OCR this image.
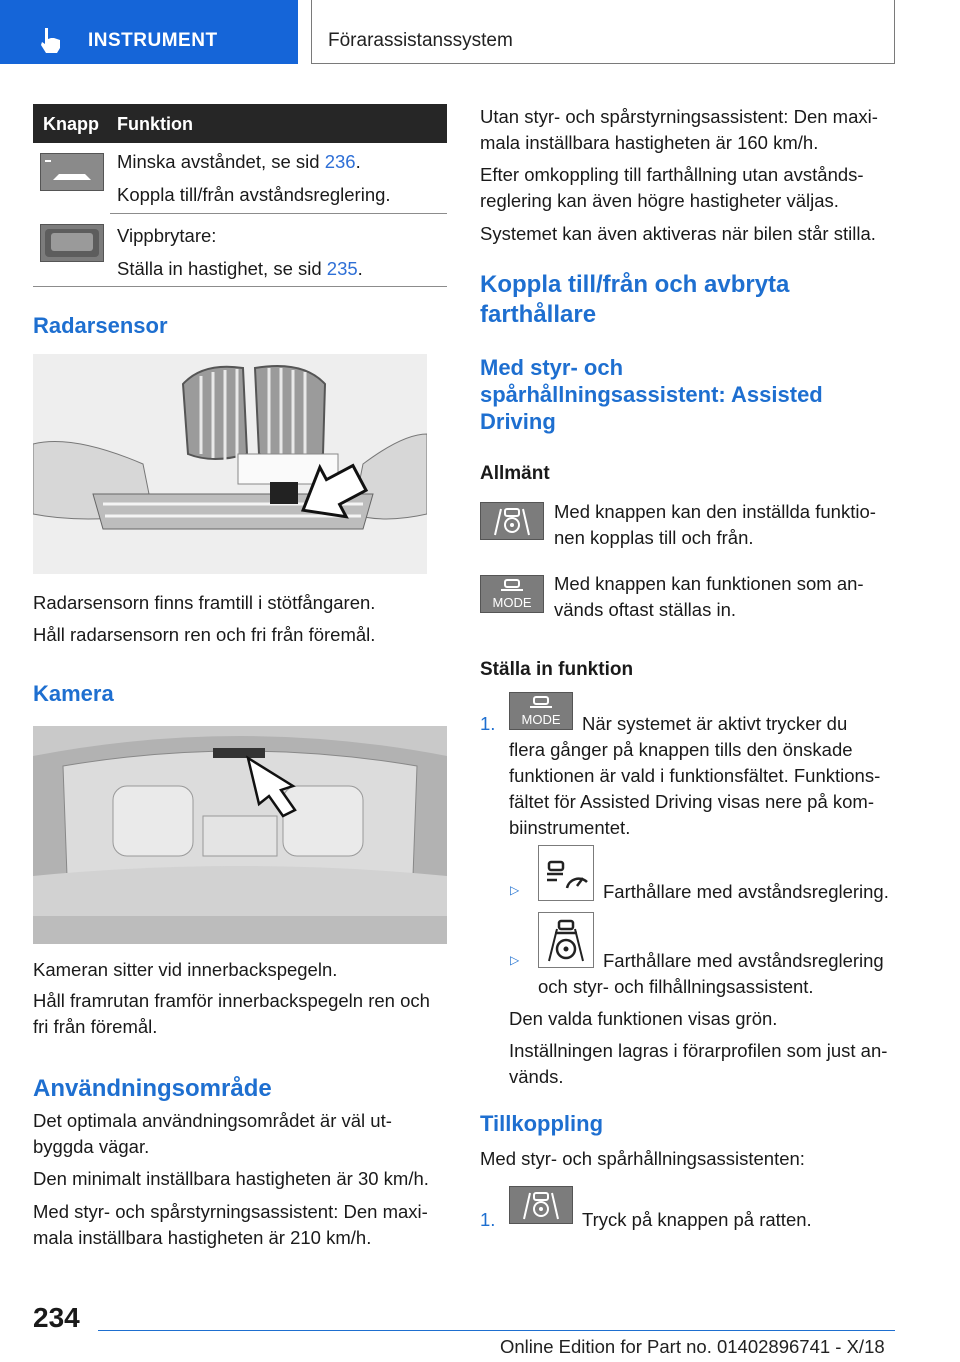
INSTRUMENT	Förarassistanssystem
Knapp Funktion
Minska avståndet, se sid 236.
Koppla till/från avståndsreglering.
Vippbrytare:
Ställa in hastighet, se sid 235.
Radarsensor
Radarsensorn finns framtill i stötfångaren.
Håll radarsensorn ren och fri från föremål.
Kamera
Kameran sitter vid innerbackspegeln.
Håll framrutan framför innerbackspegeln ren och
fri från föremål.
Användningsområde
Det optimala användningsområdet är väl ut-
byggda vägar.
Den minimalt inställbara hastigheten är 30 km/h.
Med styr- och spårstyrningsassistent: Den maxi-
mala inställbara hastigheten är 210 km/h.
Utan styr- och spårstyrningsassistent: Den maxi-
mala inställbara hastigheten är 160 km/h.
Efter omkoppling till farthållning utan avstånds-
reglering kan även högre hastigheter väljas.
Systemet kan även aktiveras när bilen står stilla.
Koppla till/från och avbryta
farthållare
Med styr- och
spårhållningsassistent: Assisted
Driving
Allmänt
Med knappen kan den inställda funktio-
nen kopplas till och från.
MODE
Med knappen kan funktionen som an-
vänds oftast ställas in.
Ställa in funktion
1. MODE När systemet är aktivt trycker du
flera gånger på knappen tills den önskade
funktionen är vald i funktionsfältet. Funktions-
fältet för Assisted Driving visas nere på kom-
biinstrumentet.
▷	Farthållare med avståndsreglering.
▷	Farthållare med avståndsreglering
och styr- och filhållningsassistent.
Den valda funktionen visas grön.
Inställningen lagras i förarprofilen som just an-
vänds.
Tillkoppling
Med styr- och spårhållningsassistenten:
1.	Tryck på knappen på ratten.
234
Online Edition for Part no. 01402896741 - X/18
